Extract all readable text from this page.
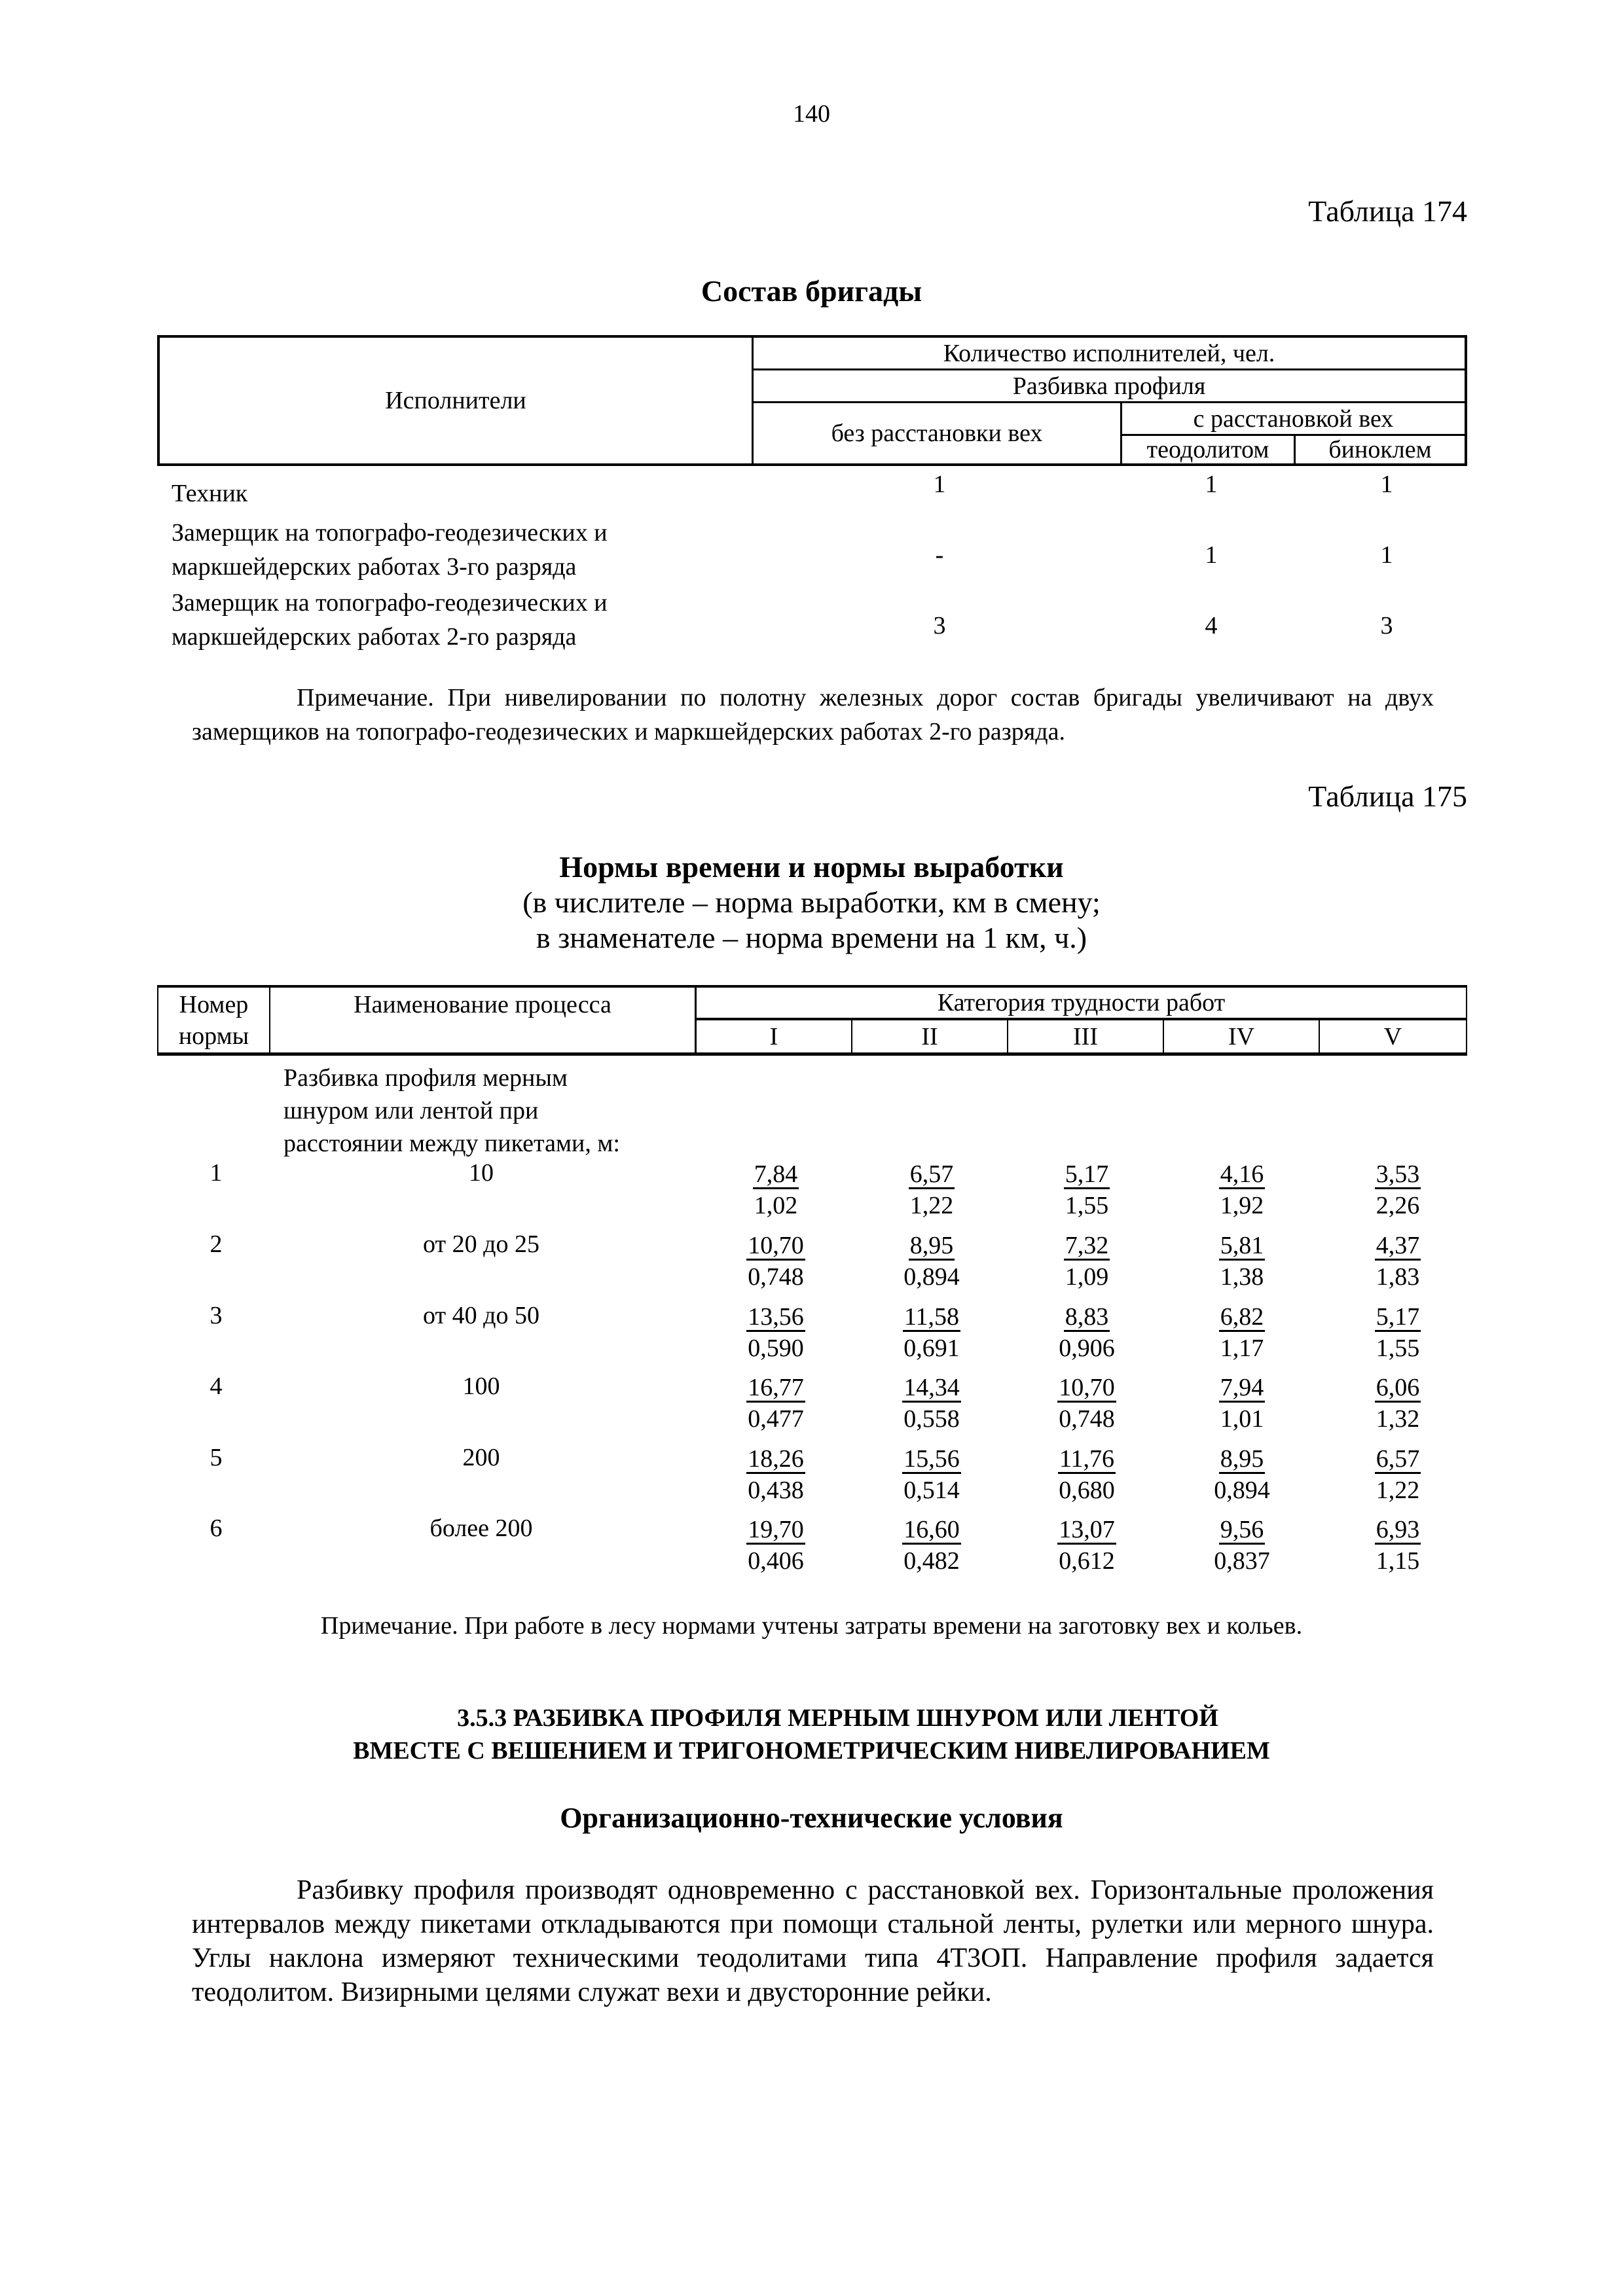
140
Таблица 174
Состав бригады
Исполнители
Количество исполнителей, чел.
Разбивка профиля
без расстановки вех
с расстановкой вех
теодолитом	биноклем
Техник	1	1	1
Замерщик на топографо-геодезических и
маркшейдерских работах 3-го разряда	-	1	1
Замерщик на топографо-геодезических и
маркшейдерских работах 2-го разряда	3	4	3
Примечание. При нивелировании по полотну железных дорог состав бригады увеличивают на двух замерщиков на топографо-геодезических и маркшейдерских работах 2-го разряда.
Таблица 175
Нормы времени и нормы выработки
(в числителе – норма выработки, км в смену;
в знаменателе – норма времени на 1 км, ч.)
Номер
нормы
Наименование процесса	Категория трудности работ
I	II	III	IV	V
Разбивка профиля мерным
шнуром или лентой при
расстоянии между пикетами, м:
1	10	$\frac{7,84}{1,02} \frac{6,57}{1,22} \frac{5,17}{1,55} \frac{4,16}{1,92} \frac{3,53}{2,26}$
2	от 20 до 25	$\frac{10,70}{0,748} \frac{8,95}{0,894} \frac{7,32}{1,09} \frac{5,81}{1,38} \frac{4,37}{1,83}$
3	от 40 до 50	$\frac{13,56}{0,590} \frac{11,58}{0,691} \frac{8,83}{0,906} \frac{6,82}{1,17} \frac{5,17}{1,55}$
4	100	$\frac{16,77}{0,477} \frac{14,34}{0,558} \frac{10,70}{0,748} \frac{7,94}{1,01} \frac{6,06}{1,32}$
5	200	$\frac{18,26}{0,438} \frac{15,56}{0,514} \frac{11,76}{0,680} \frac{8,95}{0,894} \frac{6,57}{1,22}$
6	более 200	$\frac{19,70}{0,406} \frac{16,60}{0,482} \frac{13,07}{0,612} \frac{9,56}{0,837} \frac{6,93}{1,15}$
Примечание. При работе в лесу нормами учтены затраты времени на заготовку вех и кольев.
3.5.3 РАЗБИВКА ПРОФИЛЯ МЕРНЫМ ШНУРОМ ИЛИ ЛЕНТОЙ
ВМЕСТЕ С ВЕШЕНИЕМ И ТРИГОНОМЕТРИЧЕСКИМ НИВЕЛИРОВАНИЕМ
Организационно-технические условия
Разбивку профиля производят одновременно с расстановкой вех. Горизонтальные проложения интервалов между пикетами откладываются при помощи стальной ленты, рулетки или мерного шнура. Углы наклона измеряют техническими теодолитами типа 4Т3ОП. Направление профиля задается теодолитом. Визирными целями служат вехи и двусторонние рейки.
